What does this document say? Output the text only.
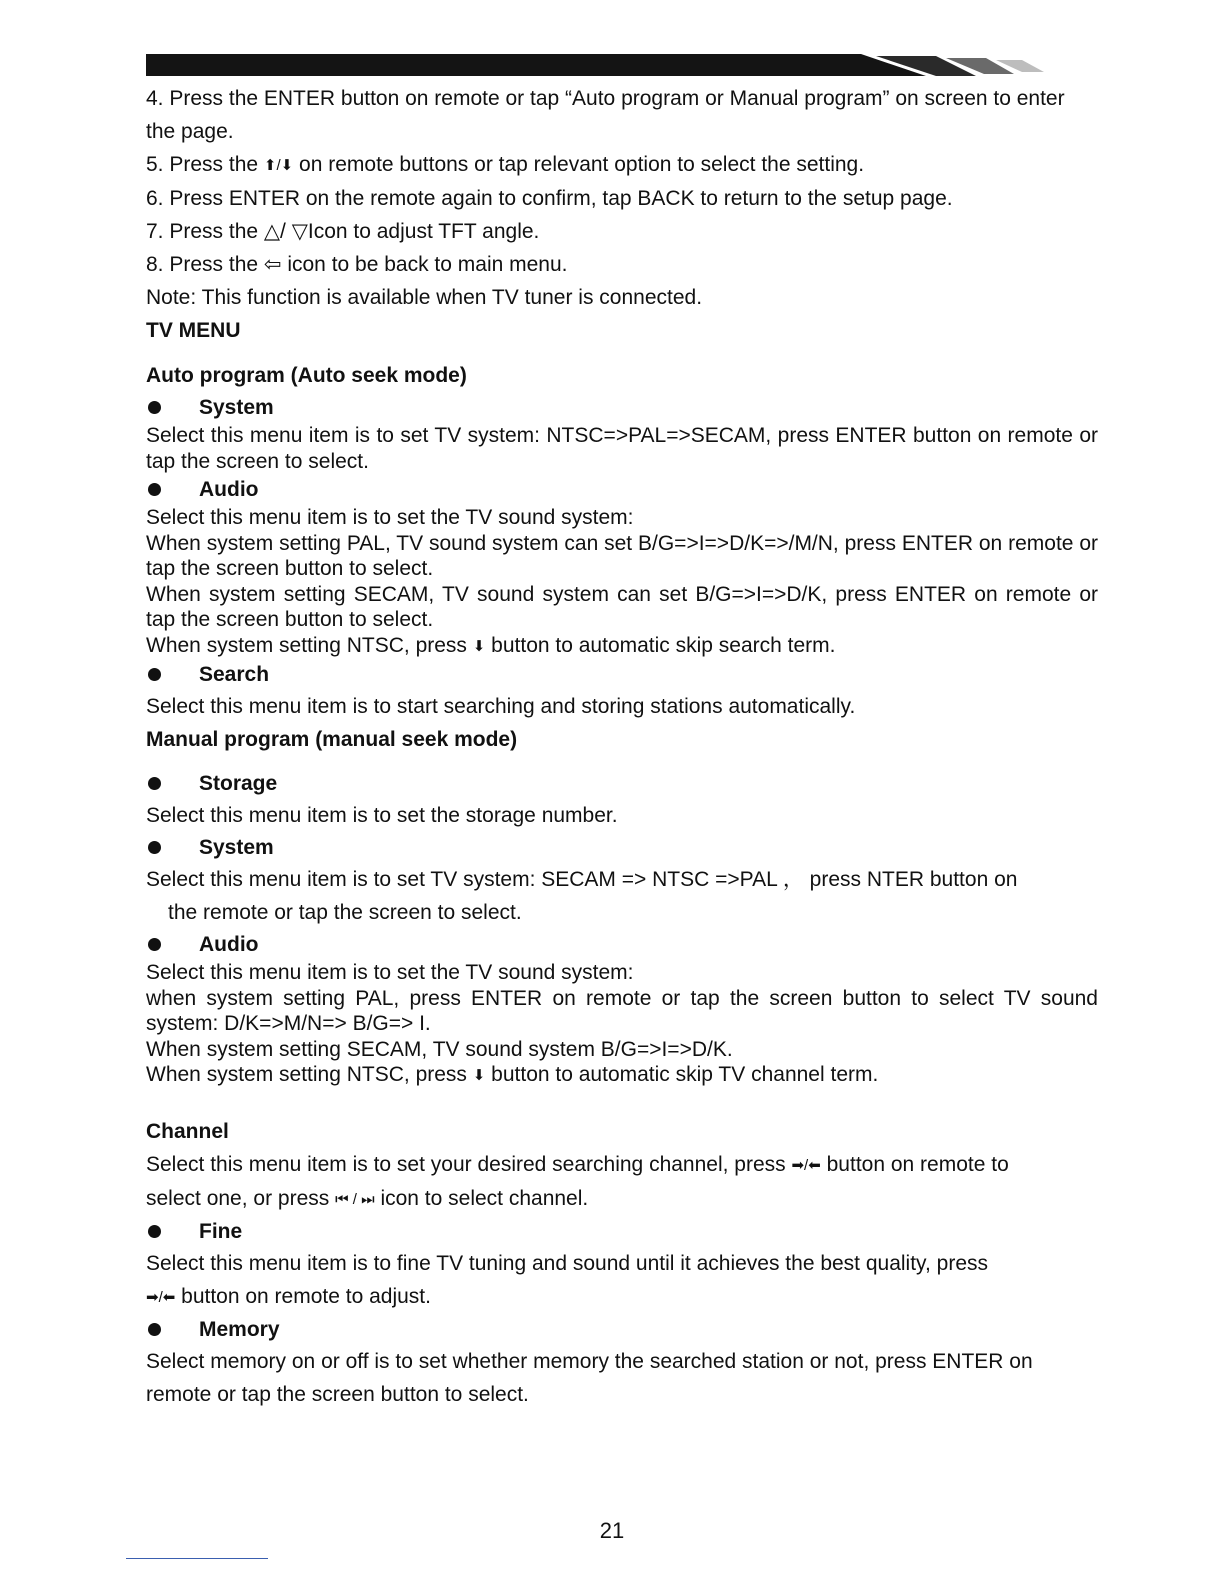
4. Press the ENTER button on remote or tap “Auto program or Manual program” on screen to enter the page.

5. Press the ⬆/⬇ on remote buttons or tap relevant option to select the setting.

6. Press ENTER on the remote again to confirm, tap BACK to return to the setup page.

7. Press the △/ ▽Icon to adjust TFT angle.

8. Press the ⇦ icon to be back to main menu.

Note: This function is available when TV tuner is connected.

TV MENU

Auto program (Auto seek mode)

System

Select this menu item is to set TV system: NTSC=>PAL=>SECAM, press ENTER button on remote or tap the screen to select.

Audio

Select this menu item is to set the TV sound system:

When system setting PAL, TV sound system can set B/G=>I=>D/K=>/M/N, press ENTER on remote or tap the screen button to select.

When system setting SECAM, TV sound system can set B/G=>I=>D/K, press ENTER on remote or tap the screen button to select.

When system setting NTSC, press ⬇ button to automatic skip search term.

Search

Select this menu item is to start searching and storing stations automatically.

Manual program (manual seek mode)

Storage

Select this menu item is to set the storage number.

System

Select this menu item is to set TV system: SECAM => NTSC =>PAL ， press NTER button on

the remote or tap the screen to select.

Audio

Select this menu item is to set the TV sound system:

when system setting PAL, press ENTER on remote or tap the screen button to select TV sound system: D/K=>M/N=> B/G=> I.

When system setting SECAM, TV sound system B/G=>I=>D/K.

When system setting NTSC, press ⬇ button to automatic skip TV channel term.

Channel

Select this menu item is to set your desired searching channel, press ➡/⬅ button on remote to

select one, or press ⏮ / ⏭ icon to select channel.

Fine

Select this menu item is to fine TV tuning and sound until it achieves the best quality, press

➡/⬅ button on remote to adjust.

Memory

Select memory on or off is to set whether memory the searched station or not, press ENTER on remote or tap the screen button to select.

21
